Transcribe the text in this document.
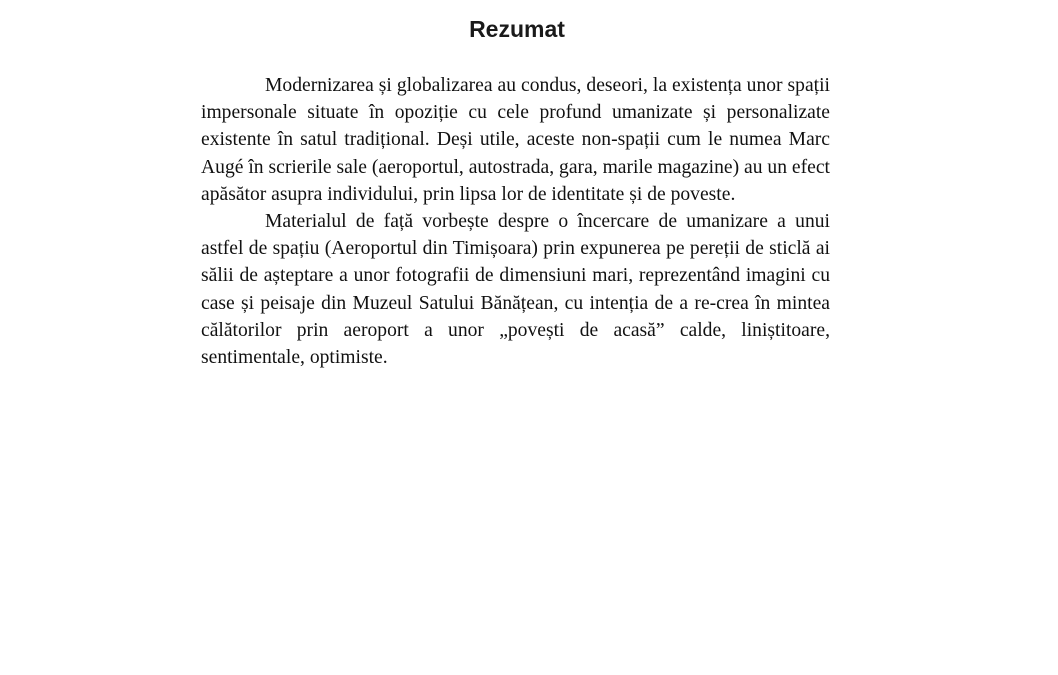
Rezumat

Modernizarea și globalizarea au condus, deseori, la existența unor spații impersonale situate în opoziție cu cele profund umanizate și personalizate existente în satul tradițional. Deși utile, aceste non-spații cum le numea Marc Augé în scrierile sale (aeroportul, autostrada, gara, marile magazine) au un efect apăsător asupra individului, prin lipsa lor de identitate și de poveste.

Materialul de față vorbește despre o încercare de umanizare a unui astfel de spațiu (Aeroportul din Timișoara) prin expunerea pe pereții de sticlă ai sălii de așteptare a unor fotografii de dimensiuni mari, reprezentând imagini cu case și peisaje din Muzeul Satului Bănățean, cu intenția de a re-crea în mintea călătorilor prin aeroport a unor „povești de acasă” calde, liniștitoare, sentimentale, optimiste.
